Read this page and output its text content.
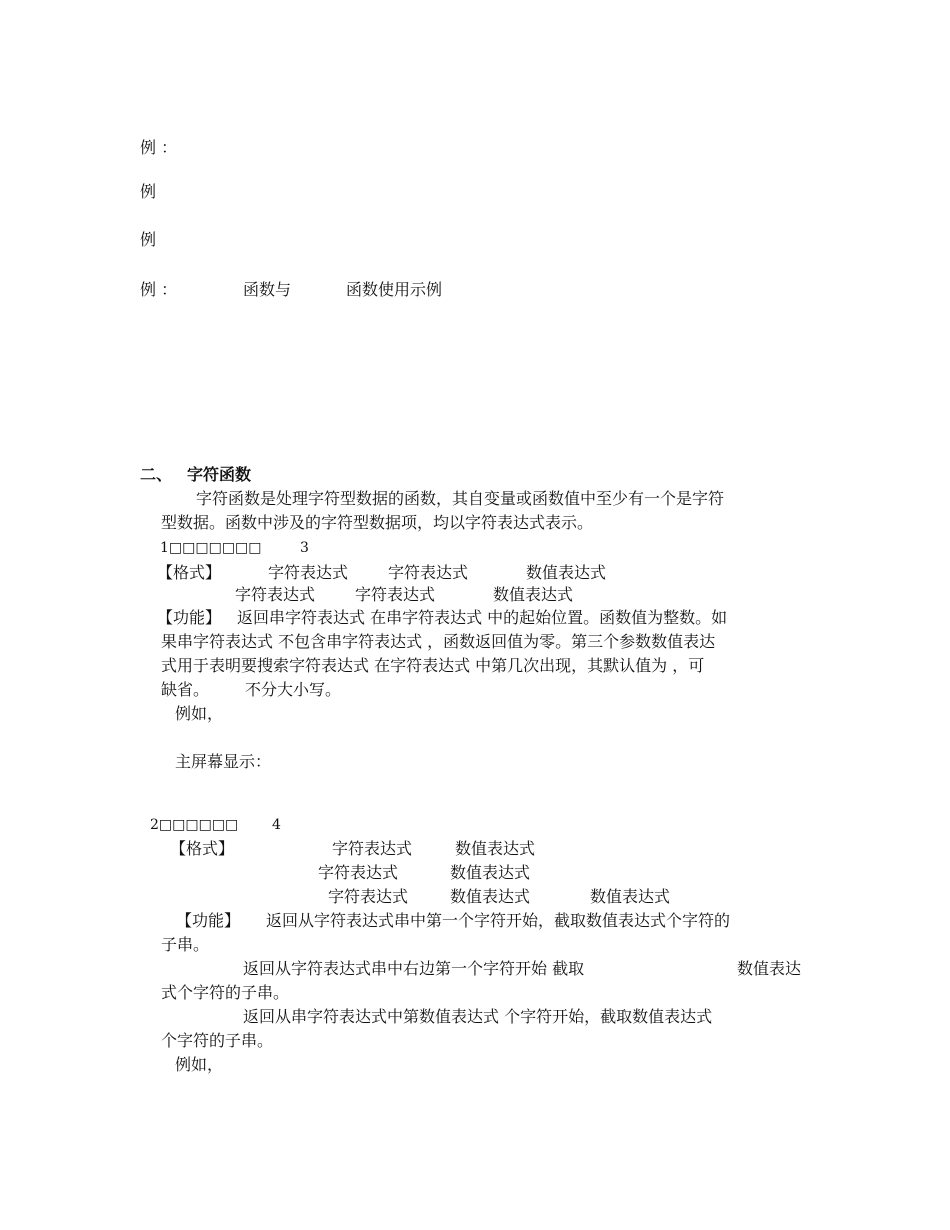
例 ：
例
例
例 ：	函数与	函数使用示例
二、 字符函数
字符函数是处理字符型数据的函数，其自变量或函数值中至少有一个是字符
型数据。函数中涉及的字符型数据项，均以字符表达式表示。
1□□□□□□□	3
【格式】	字符表达式 字符表达式	数值表达式
字符表达式 字符表达式	数值表达式
【功能】 返回串字符表达式 在串字符表达式 中的起始位置。函数值为整数。如
果串字符表达式 不包含串字符表达式 ，函数返回值为零。第三个参数数值表达
式用于表明要搜索字符表达式 在字符表达式 中第几次出现，其默认值为 ，可
缺省。 不分大小写。
例如，
主屏幕显示：
2□□□□□□ 4
【格式】	字符表达式	数值表达式
字符表达式	数值表达式
字符表达式	数值表达式	数值表达式
【功能】 返回从字符表达式串中第一个字符开始，截取数值表达式个字符的
子串。
返回从字符表达式串中右边第一个字符开始 截取	数值表达
式个字符的子串。
返回从串字符表达式中第数值表达式 个字符开始，截取数值表达式
个字符的子串。
例如，
